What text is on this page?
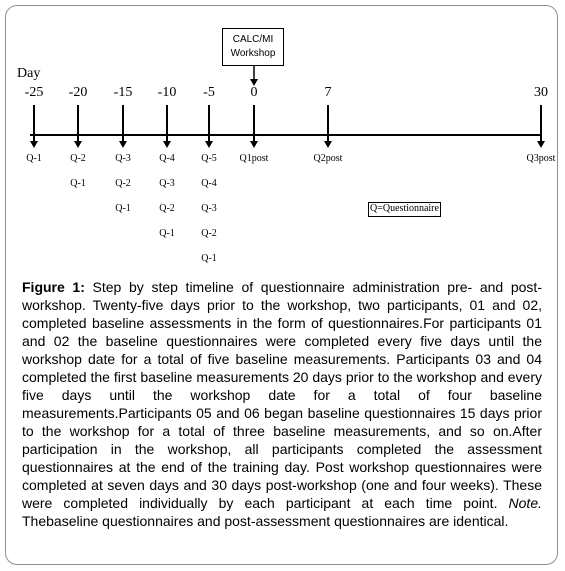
CALC/MI
Workshop
Day
-25
Q-1
-20
Q-2
Q-1
-15
Q-3
Q-2
Q-1
-10
Q-4
Q-3
Q-2
Q-1
-5
Q-5
Q-4
Q-3
Q-2
Q-1
0
Q1post
7
Q2post
30
Q3post
Q=Questionnaire

Figure 1: Step by step timeline of questionnaire administration pre- and post-workshop. Twenty-five days prior to the workshop, two participants, 01 and 02, completed baseline assessments in the form of questionnaires.For participants 01 and 02 the baseline questionnaires were completed every five days until the workshop date for a total of five baseline measurements. Participants 03 and 04 completed the first baseline measurements 20 days prior to the workshop and every five days until the workshop date for a total of four baseline measurements.Participants 05 and 06 began baseline questionnaires 15 days prior to the workshop for a total of three baseline measurements, and so on.After participation in the workshop, all participants completed the assessment questionnaires at the end of the training day. Post workshop questionnaires were completed at seven days and 30 days post-workshop (one and four weeks). These were completed individually by each participant at each time point. Note. Thebaseline questionnaires and post-assessment questionnaires are identical.
